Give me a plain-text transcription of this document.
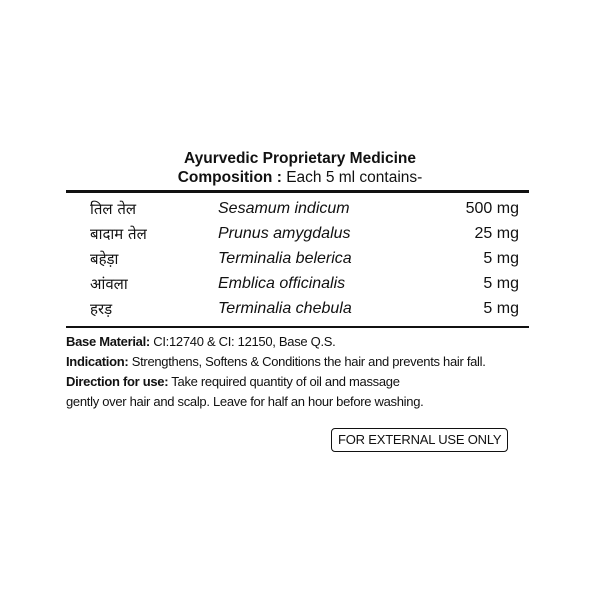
Ayurvedic Proprietary Medicine
Composition : Each 5 ml contains-
तिल तेल	Sesamum indicum	500 mg
बादाम तेल	Prunus amygdalus	25 mg
बहेड़ा	Terminalia belerica	5 mg
आंवला	Emblica officinalis	5 mg
हरड़	Terminalia chebula	5 mg
Base Material: CI:12740 & CI: 12150, Base Q.S.
Indication: Strengthens, Softens & Conditions the hair and prevents hair fall.
Direction for use: Take required quantity of oil and massage
gently over hair and scalp. Leave for half an hour before washing.
FOR EXTERNAL USE ONLY
